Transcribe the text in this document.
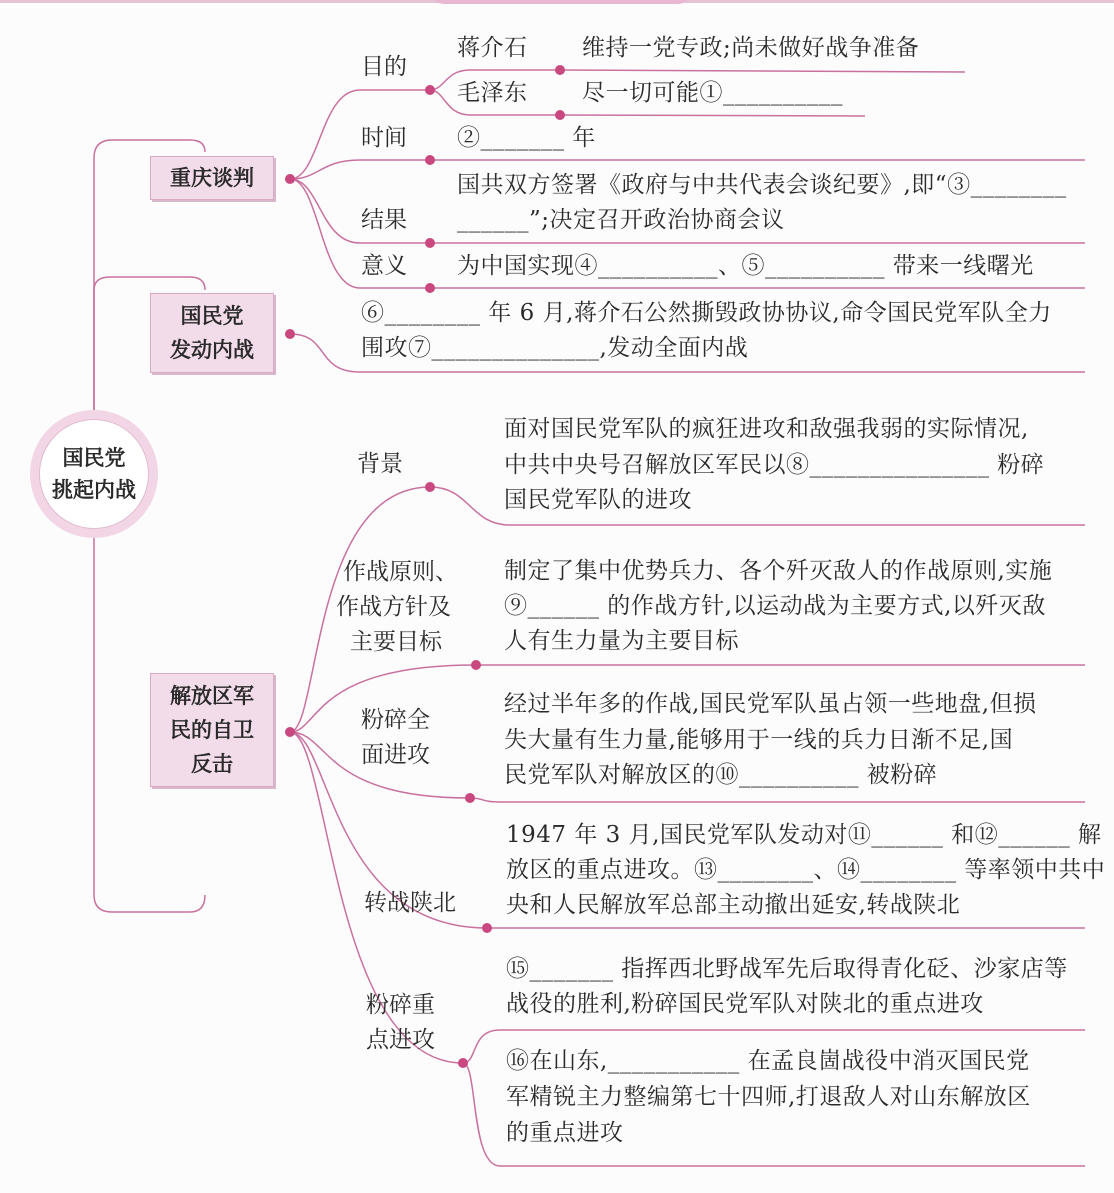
国民党
挑起内战
重庆谈判
国民党
发动内战
解放区军
民的自卫
反击
目的
蒋介石 维持一党专政;尚未做好战争准备
毛泽东 尽一切可能①__________
时间 ②_______ 年
结果
国共双方签署《政府与中共代表会谈纪要》,即“③________
______”;决定召开政治协商会议
意义 为中国实现④__________、⑤__________ 带来一线曙光
⑥________ 年 6 月,蒋介石公然撕毁政协协议,命令国民党军队全力
围攻⑦______________,发动全面内战
背景
面对国民党军队的疯狂进攻和敌强我弱的实际情况,
中共中央号召解放区军民以⑧_______________ 粉碎
国民党军队的进攻
作战原则、
作战方针及
主要目标
制定了集中优势兵力、各个歼灭敌人的作战原则,实施
⑨______ 的作战方针,以运动战为主要方式,以歼灭敌
人有生力量为主要目标
粉碎全
面进攻
经过半年多的作战,国民党军队虽占领一些地盘,但损
失大量有生力量,能够用于一线的兵力日渐不足,国
民党军队对解放区的⑩__________ 被粉碎
转战陕北
1947 年 3 月,国民党军队发动对⑪______ 和⑫______ 解
放区的重点进攻。⑬________、⑭________ 等率领中共中
央和人民解放军总部主动撤出延安,转战陕北
粉碎重
点进攻
⑮_______ 指挥西北野战军先后取得青化砭、沙家店等
战役的胜利,粉碎国民党军队对陕北的重点进攻
⑯在山东,___________ 在孟良崮战役中消灭国民党
军精锐主力整编第七十四师,打退敌人对山东解放区
的重点进攻
